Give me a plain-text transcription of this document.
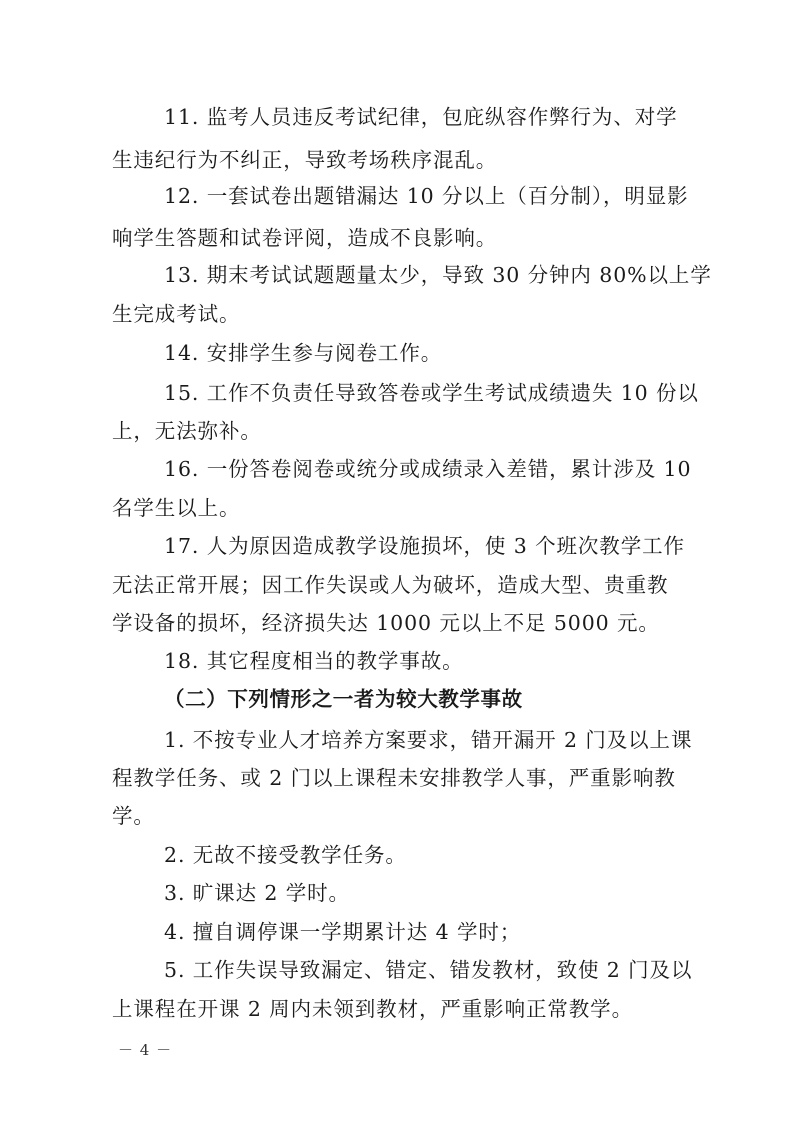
11. 监考人员违反考试纪律，包庇纵容作弊行为、对学
生违纪行为不纠正，导致考场秩序混乱。
12. 一套试卷出题错漏达 10 分以上（百分制），明显影
响学生答题和试卷评阅，造成不良影响。
13. 期末考试试题题量太少，导致 30 分钟内 80%以上学
生完成考试。
14. 安排学生参与阅卷工作。
15. 工作不负责任导致答卷或学生考试成绩遗失 10 份以
上，无法弥补。
16. 一份答卷阅卷或统分或成绩录入差错，累计涉及 10
名学生以上。
17. 人为原因造成教学设施损坏，使 3 个班次教学工作
无法正常开展；因工作失误或人为破坏，造成大型、贵重教
学设备的损坏，经济损失达 1000 元以上不足 5000 元。
18. 其它程度相当的教学事故。
（二）下列情形之一者为较大教学事故
1. 不按专业人才培养方案要求，错开漏开 2 门及以上课
程教学任务、或 2 门以上课程未安排教学人事，严重影响教
学。
2. 无故不接受教学任务。
3. 旷课达 2 学时。
4. 擅自调停课一学期累计达 4 学时；
5. 工作失误导致漏定、错定、错发教材，致使 2 门及以
上课程在开课 2 周内未领到教材，严重影响正常教学。
－ 4 －
